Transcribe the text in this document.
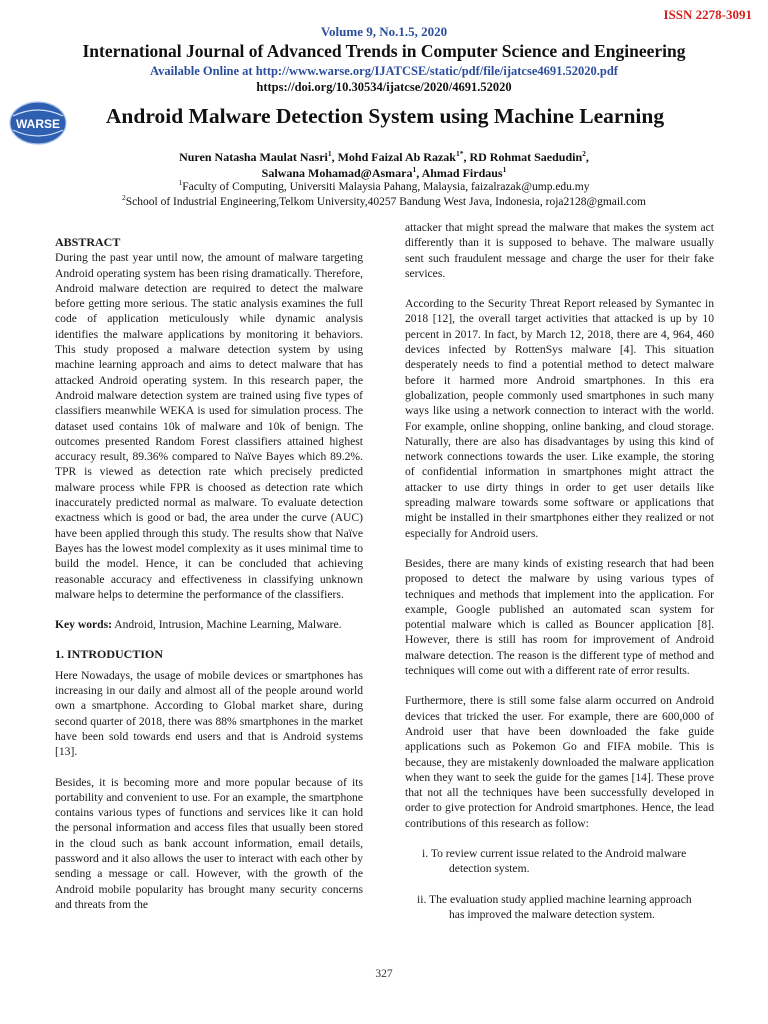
ISSN 2278-3091
Volume 9, No.1.5, 2020
International Journal of Advanced Trends in Computer Science and Engineering
Available Online at http://www.warse.org/IJATCSE/static/pdf/file/ijatcse4691.52020.pdf
https://doi.org/10.30534/ijatcse/2020/4691.52020
WARSE	Android Malware Detection System using Machine Learning
Nuren Natasha Maulat Nasri$^1$, Mohd Faizal Ab Razak$^{1*}$, RD Rohmat Saedudin$^2$,
Salwana Mohamad@Asmara$^1$, Ahmad Firdaus$^1$
$^1$Faculty of Computing, Universiti Malaysia Pahang, Malaysia, faizalrazak@ump.edu.my
$^2$School of Industrial Engineering,Telkom University,40257 Bandung West Java, Indonesia, roja2128@gmail.com
ABSTRACT
During the past year until now, the amount of malware targeting Android operating system has been rising dramatically. Therefore, Android malware detection are required to detect the malware before getting more serious. The static analysis examines the full code of application meticulously while dynamic analysis identifies the malware applications by monitoring it behaviors. This study proposed a malware detection system by using machine learning approach and aims to detect malware that has attacked Android operating system. In this research paper, the Android malware detection system are trained using five types of classifiers meanwhile WEKA is used for simulation process. The dataset used contains 10k of malware and 10k of benign. The outcomes presented Random Forest classifiers attained highest accuracy result, 89.36% compared to Naïve Bayes which 89.2%. TPR is viewed as detection rate which precisely predicted malware process while FPR is choosed as detection rate which inaccurately predicted normal as malware. To evaluate detection exactness which is good or bad, the area under the curve (AUC) have been applied through this study. The results show that Naïve Bayes has the lowest model complexity as it uses minimal time to build the model. Hence, it can be concluded that achieving reasonable accuracy and effectiveness in classifying unknown malware helps to determine the performance of the classifiers.
Key words: Android, Intrusion, Machine Learning, Malware.
1. INTRODUCTION
Here Nowadays, the usage of mobile devices or smartphones has increasing in our daily and almost all of the people around world own a smartphone. According to Global market share, during second quarter of 2018, there was 88% smartphones in the market have been sold towards end users and that is Android systems [13].
Besides, it is becoming more and more popular because of its portability and convenient to use. For an example, the smartphone contains various types of functions and services like it can hold the personal information and access files that usually been stored in the cloud such as bank account information, email details, password and it also allows the user to interact with each other by sending a message or call. However, with the growth of the Android mobile popularity has brought many security concerns and threats from the
attacker that might spread the malware that makes the system act differently than it is supposed to behave. The malware usually sent such fraudulent message and charge the user for their fake services.
According to the Security Threat Report released by Symantec in 2018 [12], the overall target activities that attacked is up by 10 percent in 2017. In fact, by March 12, 2018, there are 4, 964, 460 devices infected by RottenSys malware [4]. This situation desperately needs to find a potential method to detect malware before it harmed more Android smartphones. In this era globalization, people commonly used smartphones in such many ways like using a network connection to interact with the world. For example, online shopping, online banking, and cloud storage. Naturally, there are also has disadvantages by using this kind of network connections towards the user. Like example, the storing of confidential information in smartphones might attract the attacker to use dirty things in order to get user details like spreading malware towards some software or applications that might be installed in their smartphones either they realized or not especially for Android users.
Besides, there are many kinds of existing research that had been proposed to detect the malware by using various types of techniques and methods that implement into the application. For example, Google published an automated scan system for potential malware which is called as Bouncer application [8]. However, there is still has room for improvement of Android malware detection. The reason is the different type of method and techniques will come out with a different rate of error results.
Furthermore, there is still some false alarm occurred on Android devices that tricked the user. For example, there are 600,000 of Android user that have been downloaded the fake guide applications such as Pokemon Go and FIFA mobile. This is because, they are mistakenly downloaded the malware application when they want to seek the guide for the games [14]. These prove that not all the techniques have been successfully developed in order to give protection for Android smartphones. Hence, the lead contributions of this research as follow:
i. To review current issue related to the Android malware
detection system.
ii. The evaluation study applied machine learning approach
has improved the malware detection system.
327
